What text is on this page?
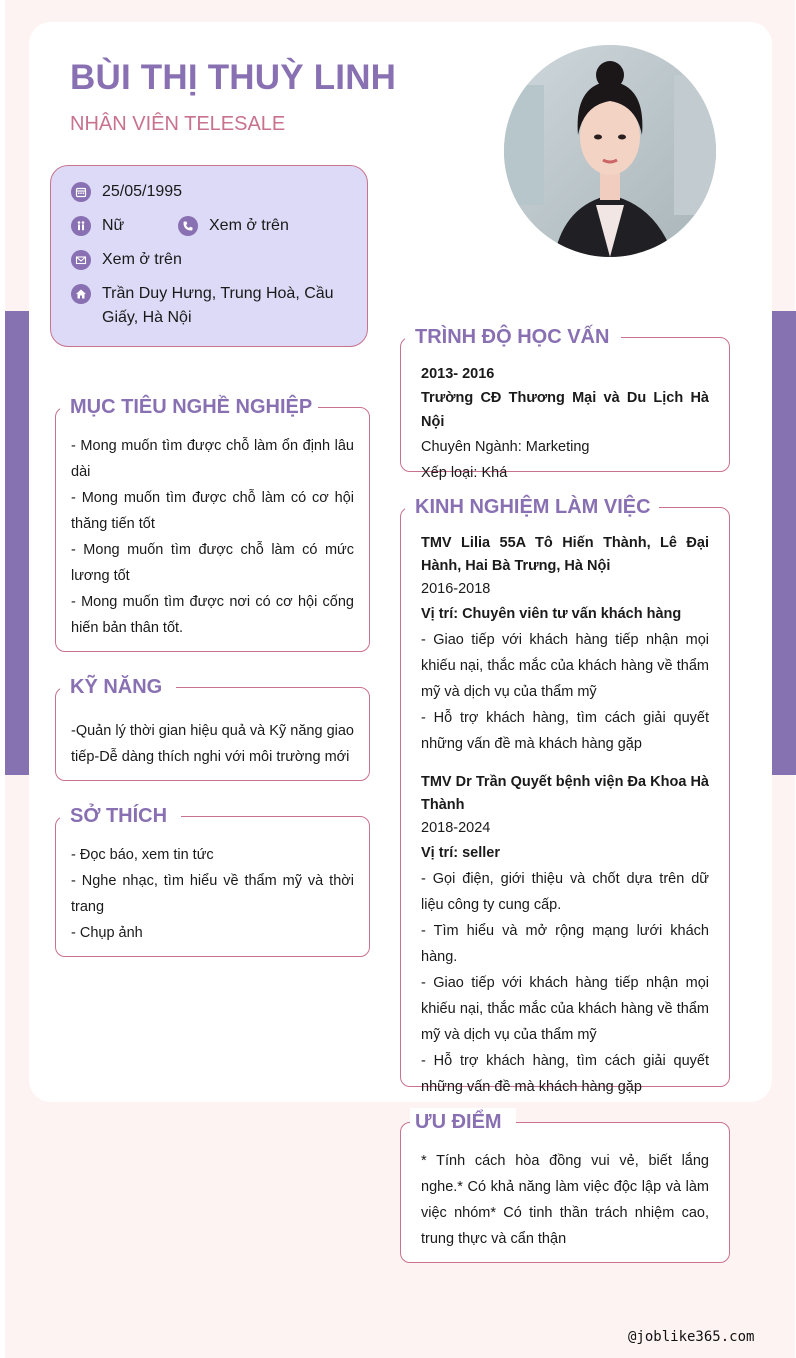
BÙI THỊ THUỲ LINH
NHÂN VIÊN TELESALE
25/05/1995
Nữ	Xem ở trên
Xem ở trên
Trần Duy Hưng, Trung Hoà, Cầu
Giấy, Hà Nội
MỤC TIÊU NGHỀ NGHIỆP

- Mong muốn tìm được chỗ làm ổn định lâu dài

- Mong muốn tìm được chỗ làm có cơ hội thăng tiến tốt

- Mong muốn tìm được chỗ làm có mức lương tốt

- Mong muốn tìm được nơi có cơ hội cống hiến bản thân tốt.

KỸ NĂNG
-Quản lý thời gian hiệu quả và Kỹ năng giao tiếp-Dễ dàng thích nghi với môi trường mới
SỞ THÍCH

- Đọc báo, xem tin tức

- Nghe nhạc, tìm hiểu về thẩm mỹ và thời trang

- Chụp ảnh

TRÌNH ĐỘ HỌC VẤN

2013- 2016

Trường CĐ Thương Mại và Du Lịch Hà Nội

Chuyên Ngành: Marketing

Xếp loại: Khá

KINH NGHIỆM LÀM VIỆC

TMV Lilia 55A Tô Hiến Thành, Lê Đại Hành, Hai Bà Trưng, Hà Nội

2016-2018

Vị trí: Chuyên viên tư vấn khách hàng

- Giao tiếp với khách hàng tiếp nhận mọi khiếu nại, thắc mắc của khách hàng về thẩm mỹ và dịch vụ của thẩm mỹ

- Hỗ trợ khách hàng, tìm cách giải quyết những vấn đề mà khách hàng gặp

TMV Dr Trần Quyết bệnh viện Đa Khoa Hà Thành

2018-2024

Vị trí: seller

- Gọi điện, giới thiệu và chốt dựa trên dữ liệu công ty cung cấp.

- Tìm hiểu và mở rộng mạng lưới khách hàng.

- Giao tiếp với khách hàng tiếp nhận mọi khiếu nại, thắc mắc của khách hàng về thẩm mỹ và dịch vụ của thẩm mỹ

- Hỗ trợ khách hàng, tìm cách giải quyết những vấn đề mà khách hàng gặp

ƯU ĐIỂM
* Tính cách hòa đồng vui vẻ, biết lắng nghe.* Có khả năng làm việc độc lập và làm việc nhóm* Có tinh thần trách nhiệm cao, trung thực và cẩn thận
@joblike365.com
